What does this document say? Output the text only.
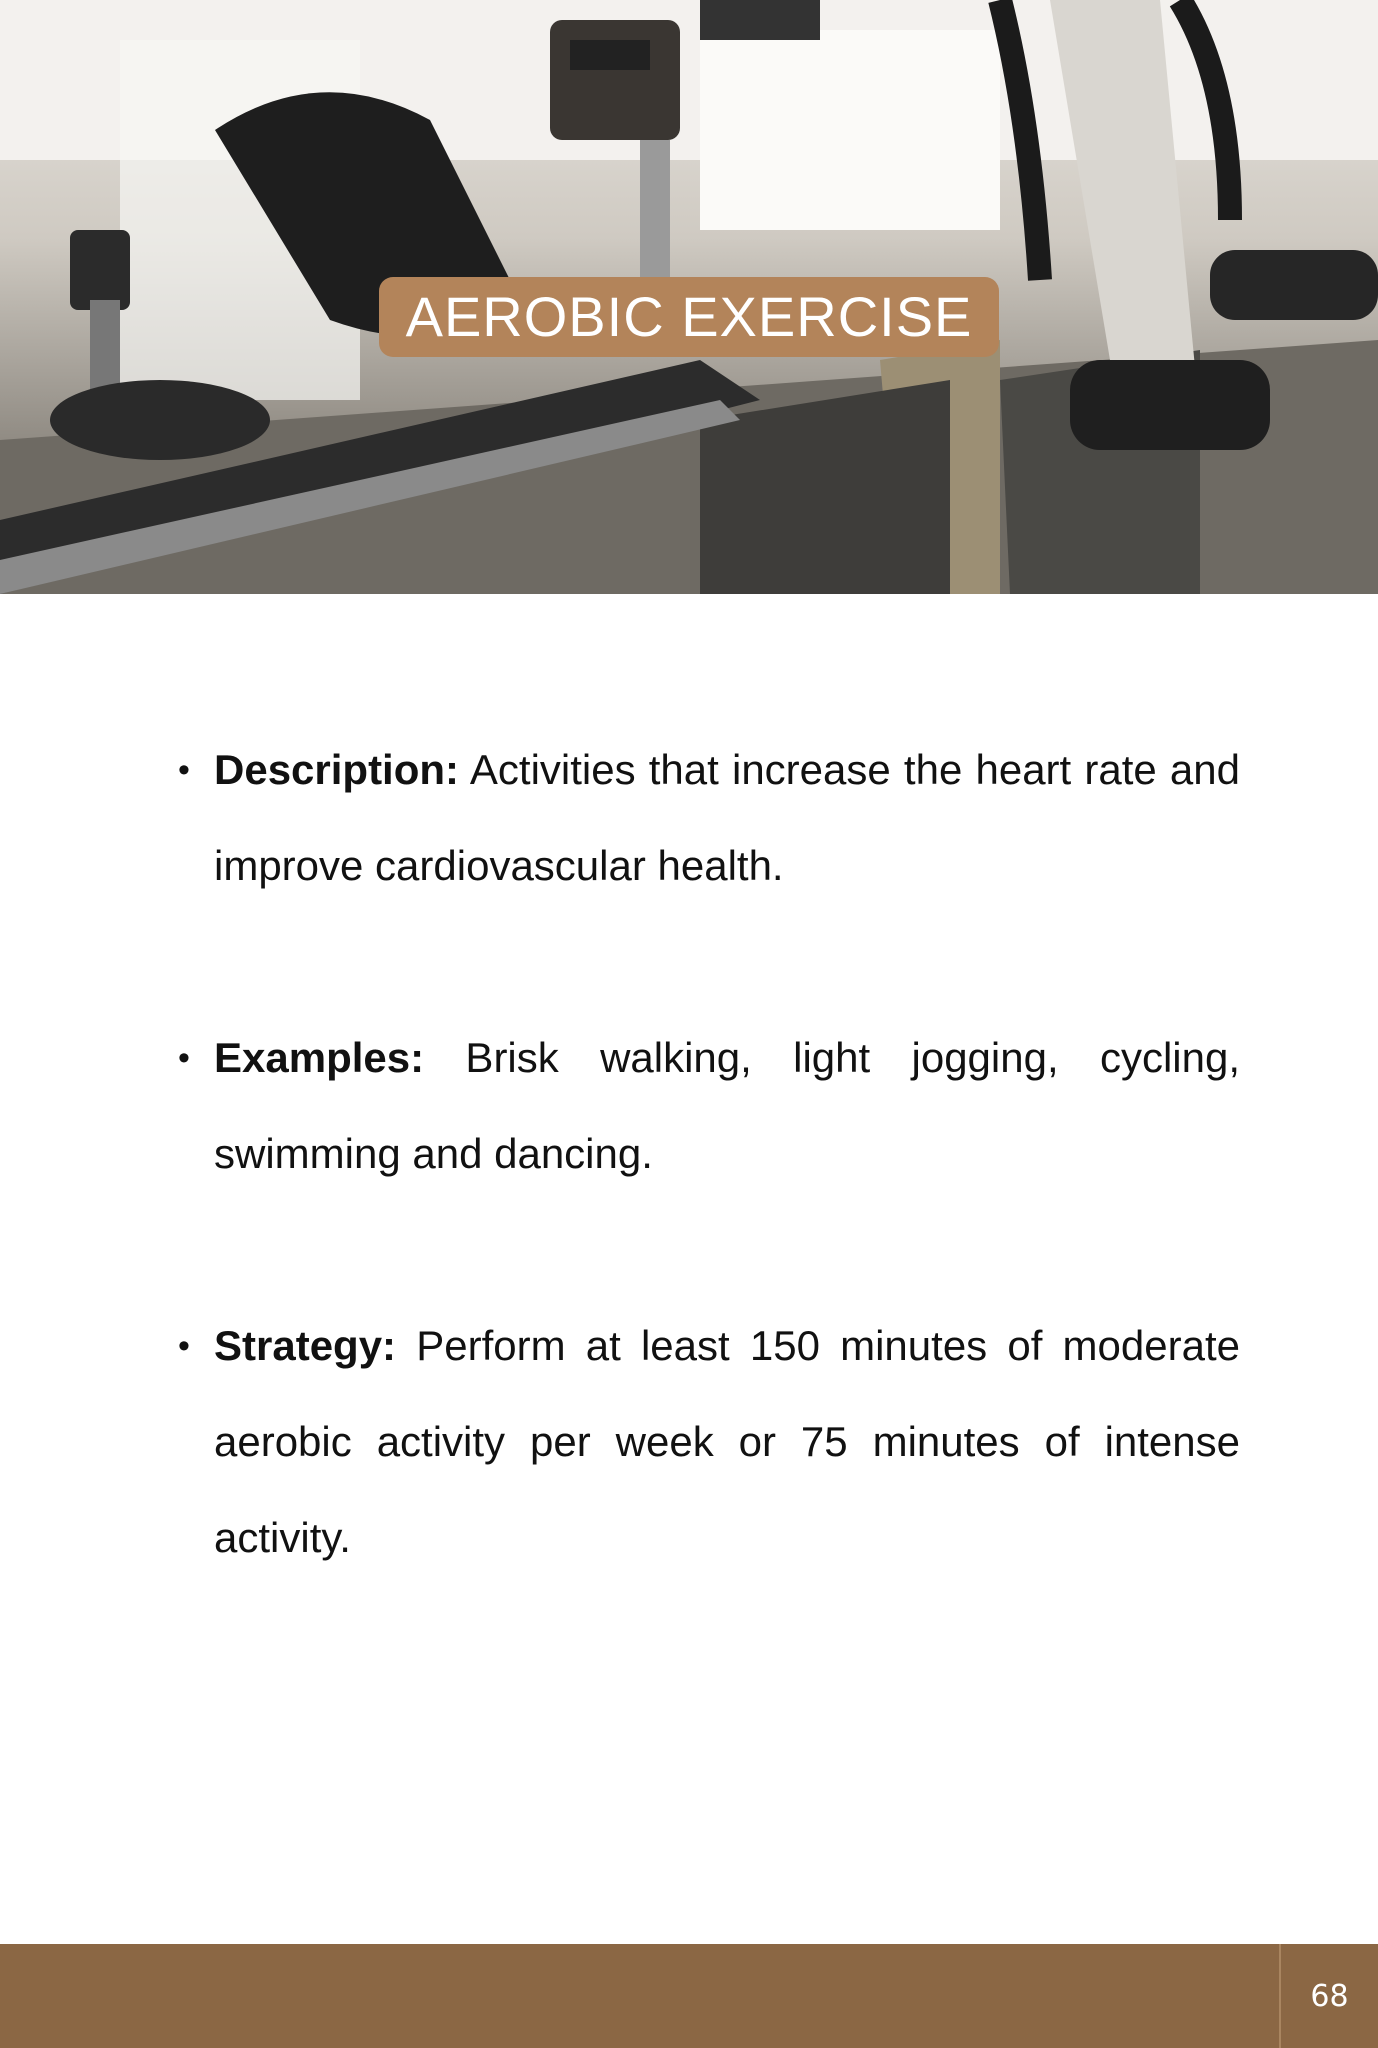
AEROBIC EXERCISE
• Description: Activities that increase the heart rate and improve cardiovascular health.
• Examples: Brisk walking, light jogging, cycling, swimming and dancing.
• Strategy: Perform at least 150 minutes of moderate aerobic activity per week or 75 minutes of intense activity.
68
